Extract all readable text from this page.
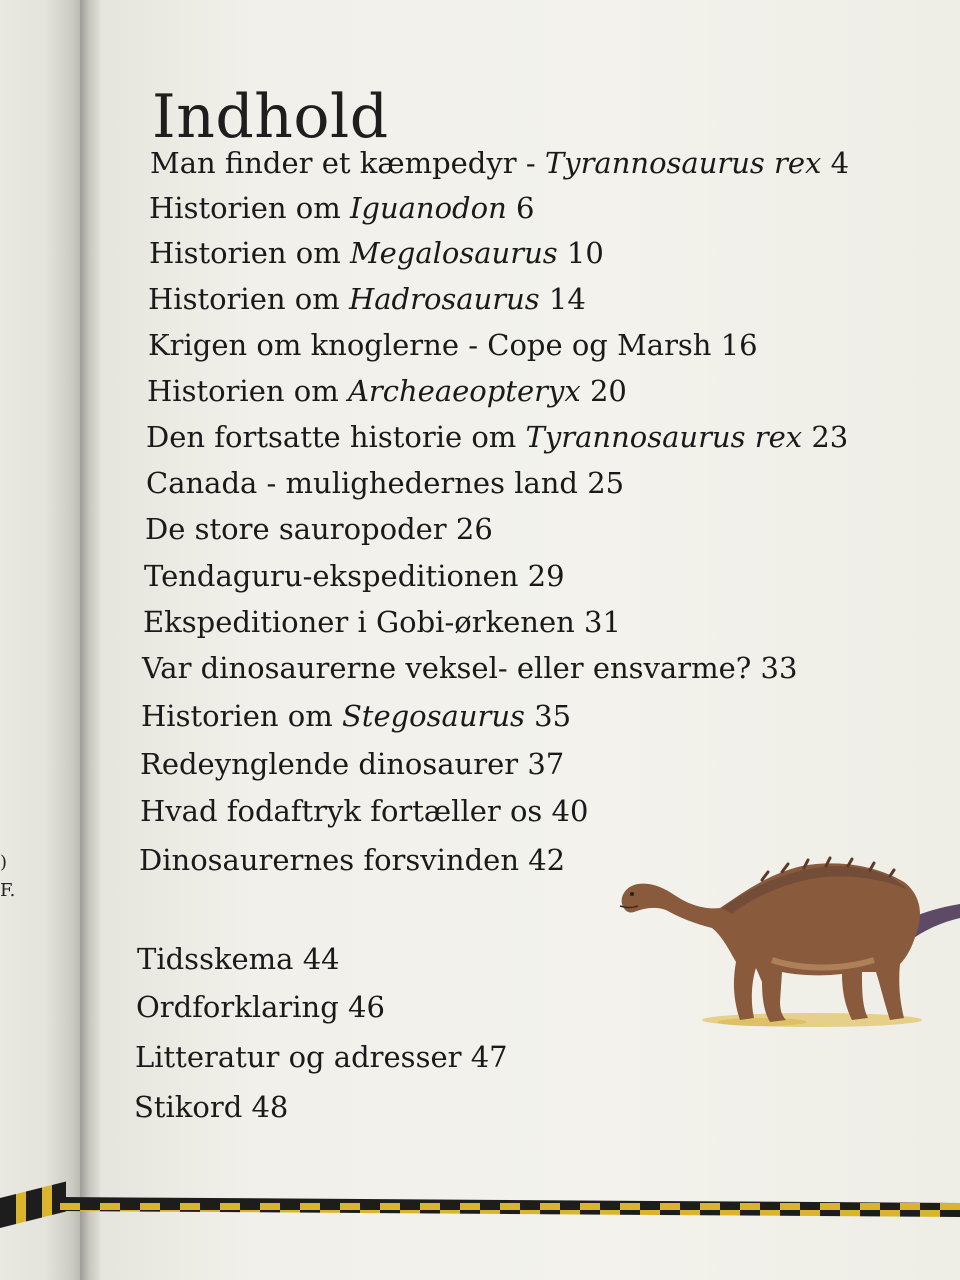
)
F.
Indhold
Man finder et kæmpedyr - Tyrannosaurus rex 4
Historien om Iguanodon 6
Historien om Megalosaurus 10
Historien om Hadrosaurus 14
Krigen om knoglerne - Cope og Marsh 16
Historien om Archeaeopteryx 20
Den fortsatte historie om Tyrannosaurus rex 23
Canada - mulighedernes land 25
De store sauropoder 26
Tendaguru-ekspeditionen 29
Ekspeditioner i Gobi-ørkenen 31
Var dinosaurerne veksel- eller ensvarme? 33
Historien om Stegosaurus 35
Redeynglende dinosaurer 37
Hvad fodaftryk fortæller os 40
Dinosaurernes forsvinden 42
Tidsskema 44
Ordforklaring 46
Litteratur og adresser 47
Stikord 48
